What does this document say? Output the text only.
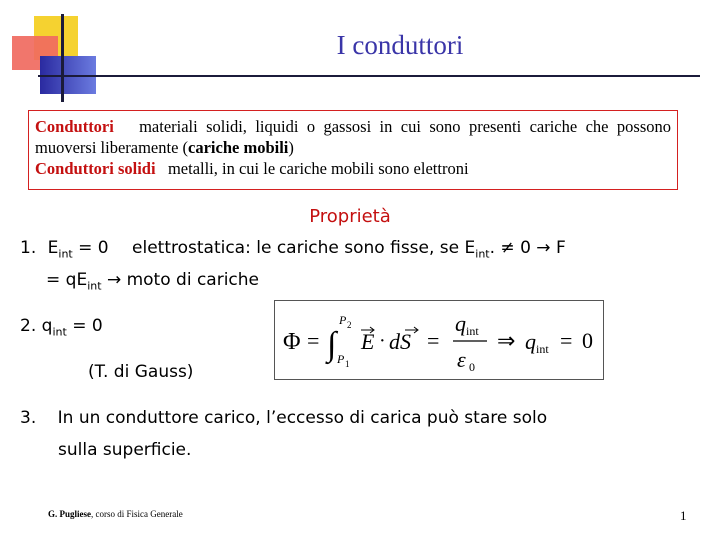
I conduttori
Conduttori materiali solidi, liquidi o gassosi in cui sono presenti cariche che possono muoversi liberamente (cariche mobili)
Conduttori solidi metalli, in cui le cariche mobili sono elettroni
Proprietà
1. $E_{int} = 0$ elettrostatica: le cariche sono fisse, se $E_{int}$. ≠ 0 → F
= $qE_{int}$ → moto di cariche
2. $q_{int} = 0$
(T. di Gauss)
Φ = ∫
P 2
P 1
E · dS =
q int
ε 0
⇒ q int = 0
3. In un conduttore carico, l’eccesso di carica può stare solo
sulla superficie.
G. Pugliese, corso di Fisica Generale	1
